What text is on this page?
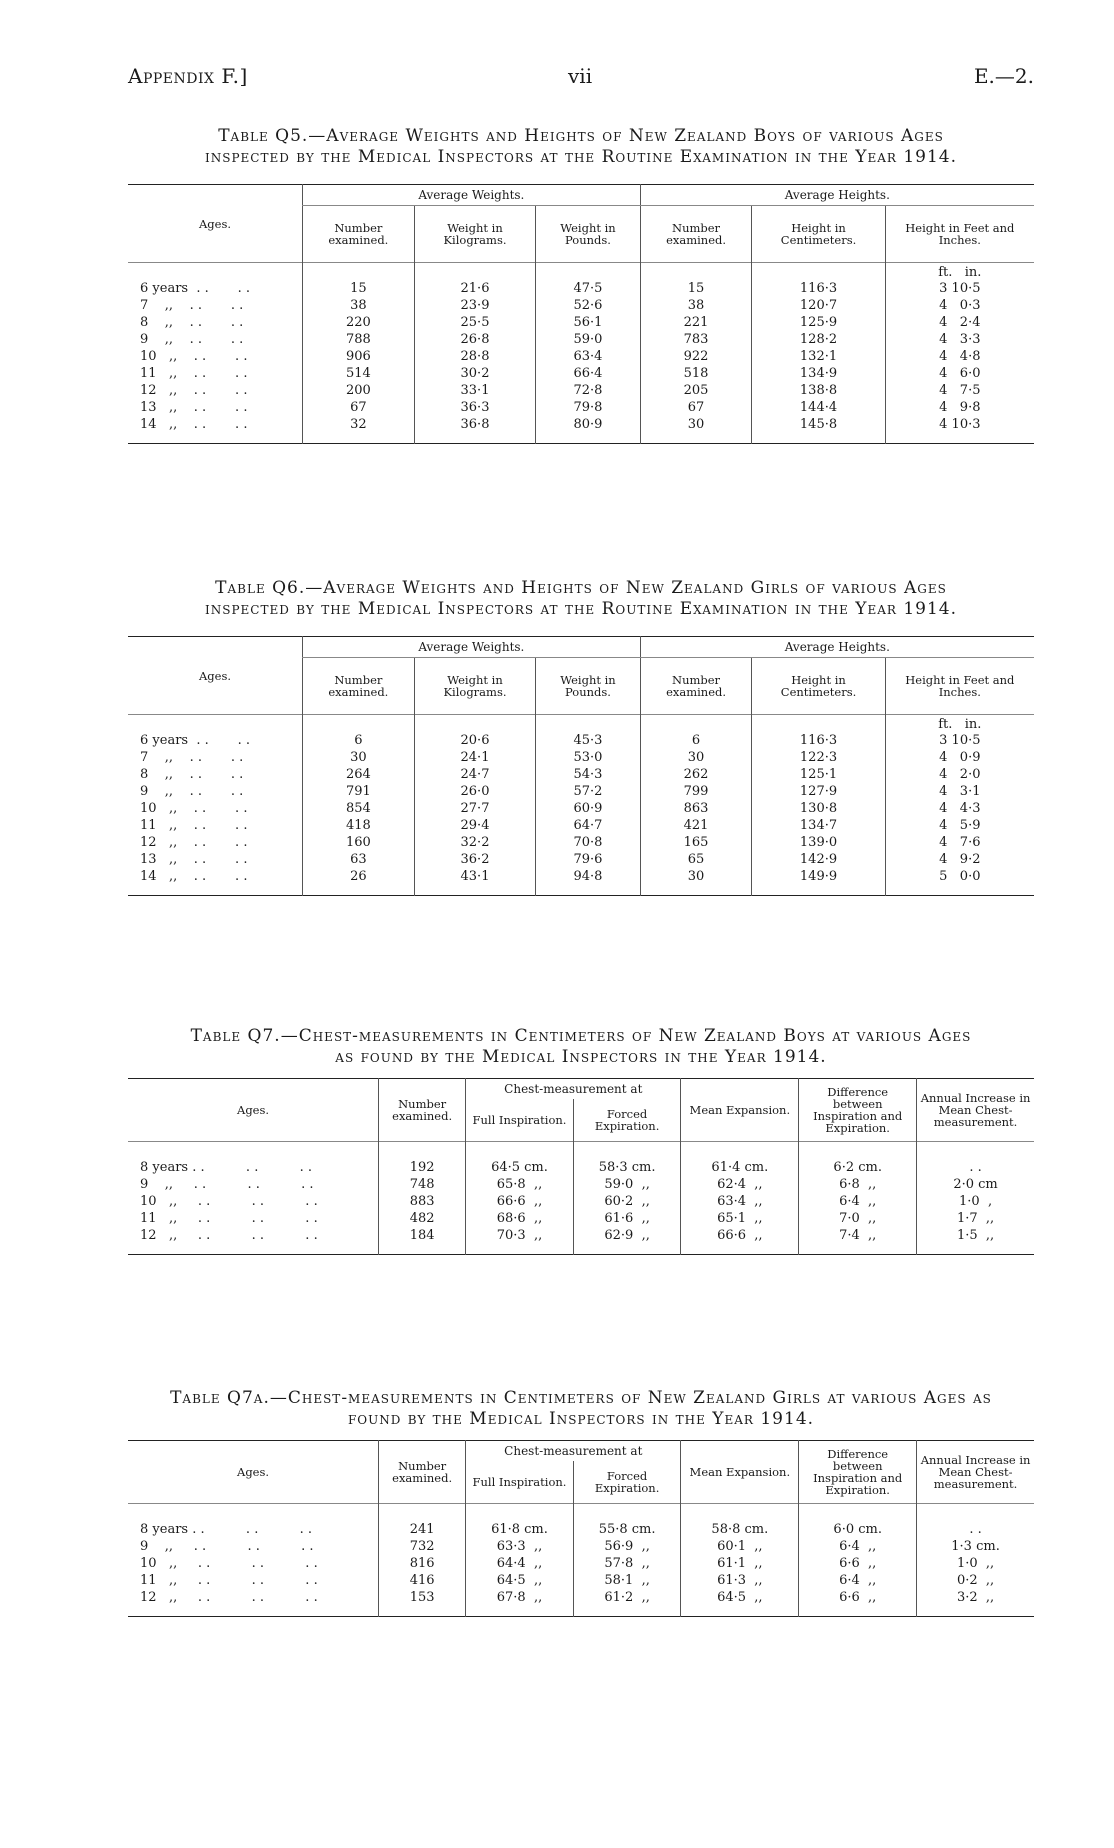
Appendix F.]	vii	E.—2.
Table Q5.—Average Weights and Heights of New Zealand Boys of various Ages
inspected by the Medical Inspectors at the Routine Examination in the Year 1914.
Ages.	Average Weights.			Average Heights.		
	Number examined.	Weight in Kilograms.	Weight in Pounds.	Number examined.	Height in Centimeters.	Height in Feet and Inches.
						ft.   in.
6 years  . .       . .	15	21·6	47·5	15	116·3	3 10·5
7    ,,    . .       . .	38	23·9	52·6	38	120·7	4   0·3
8    ,,    . .       . .	220	25·5	56·1	221	125·9	4   2·4
9    ,,    . .       . .	788	26·8	59·0	783	128·2	4   3·3
10   ,,    . .       . .	906	28·8	63·4	922	132·1	4   4·8
11   ,,    . .       . .	514	30·2	66·4	518	134·9	4   6·0
12   ,,    . .       . .	200	33·1	72·8	205	138·8	4   7·5
13   ,,    . .       . .	67	36·3	79·8	67	144·4	4   9·8
14   ,,    . .       . .	32	36·8	80·9	30	145·8	4 10·3

Table Q6.—Average Weights and Heights of New Zealand Girls of various Ages
inspected by the Medical Inspectors at the Routine Examination in the Year 1914.
Ages.	Average Weights.			Average Heights.		
	Number examined.	Weight in Kilograms.	Weight in Pounds.	Number examined.	Height in Centimeters.	Height in Feet and Inches.
						ft.   in.
6 years  . .       . .	6	20·6	45·3	6	116·3	3 10·5
7    ,,    . .       . .	30	24·1	53·0	30	122·3	4   0·9
8    ,,    . .       . .	264	24·7	54·3	262	125·1	4   2·0
9    ,,    . .       . .	791	26·0	57·2	799	127·9	4   3·1
10   ,,    . .       . .	854	27·7	60·9	863	130·8	4   4·3
11   ,,    . .       . .	418	29·4	64·7	421	134·7	4   5·9
12   ,,    . .       . .	160	32·2	70·8	165	139·0	4   7·6
13   ,,    . .       . .	63	36·2	79·6	65	142·9	4   9·2
14   ,,    . .       . .	26	43·1	94·8	30	149·9	5   0·0

Table Q7.—Chest-measurements in Centimeters of New Zealand Boys at various Ages
as found by the Medical Inspectors in the Year 1914.
Ages.	Number examined.	Chest-measurement at		Mean Expansion.	Difference between Inspiration and Expiration.	Annual Increase in Mean Chest-measurement.
		Full Inspiration.	Forced Expiration.			

8 years . .          . .          . .	192	64·5 cm.	58·3 cm.	61·4 cm.	6·2 cm.	. .
9    ,,     . .          . .          . .	748	65·8  ,,	59·0  ,,	62·4  ,,	6·8  ,,	2·0 cm
10   ,,     . .          . .          . .	883	66·6  ,,	60·2  ,,	63·4  ,,	6·4  ,,	1·0  ,
11   ,,     . .          . .          . .	482	68·6  ,,	61·6  ,,	65·1  ,,	7·0  ,,	1·7  ,,
12   ,,     . .          . .          . .	184	70·3  ,,	62·9  ,,	66·6  ,,	7·4  ,,	1·5  ,,

Table Q7a.—Chest-measurements in Centimeters of New Zealand Girls at various Ages as
found by the Medical Inspectors in the Year 1914.
Ages.	Number examined.	Chest-measurement at		Mean Expansion.	Difference between Inspiration and Expiration.	Annual Increase in Mean Chest-measurement.
		Full Inspiration.	Forced Expiration.			

8 years . .          . .          . .	241	61·8 cm.	55·8 cm.	58·8 cm.	6·0 cm.	. .
9    ,,     . .          . .          . .	732	63·3  ,,	56·9  ,,	60·1  ,,	6·4  ,,	1·3 cm.
10   ,,     . .          . .          . .	816	64·4  ,,	57·8  ,,	61·1  ,,	6·6  ,,	1·0  ,,
11   ,,     . .          . .          . .	416	64·5  ,,	58·1  ,,	61·3  ,,	6·4  ,,	0·2  ,,
12   ,,     . .          . .          . .	153	67·8  ,,	61·2  ,,	64·5  ,,	6·6  ,,	3·2  ,,
